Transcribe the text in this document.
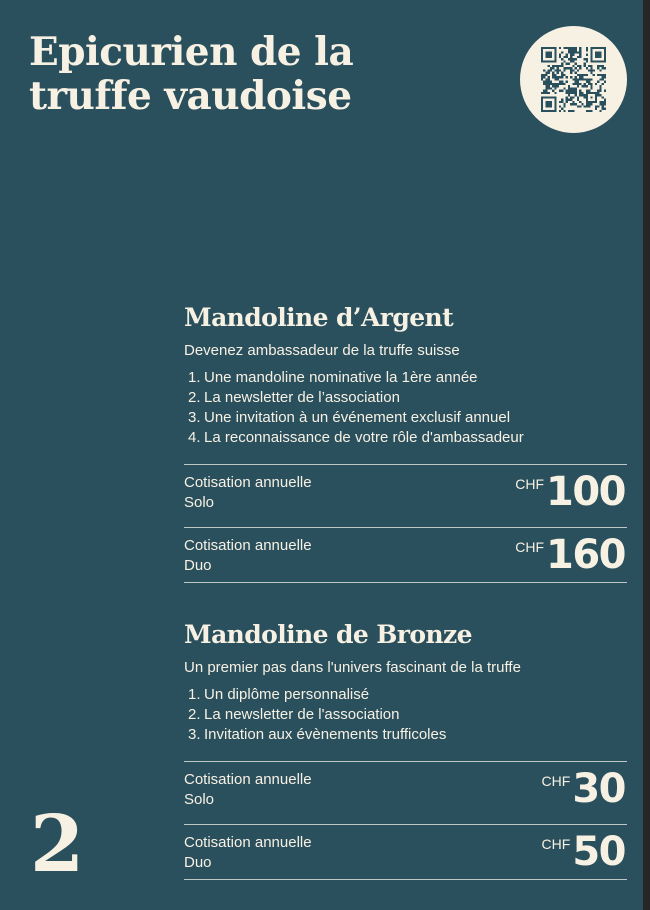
Epicurien de la
truffe vaudoise
Mandoline d’Argent
Devenez ambassadeur de la truffe suisse
1. Une mandoline nominative la 1ère année
2. La newsletter de l’association
3. Une invitation à un événement exclusif annuel
4. La reconnaissance de votre rôle d'ambassadeur
Cotisation annuelle
Solo
CHF 100
Cotisation annuelle
Duo
CHF 160
Mandoline de Bronze
Un premier pas dans l'univers fascinant de la truffe
1. Un diplôme personnalisé
2. La newsletter de l'association
3. Invitation aux évènements trufficoles
Cotisation annuelle
Solo
CHF 30
Cotisation annuelle
Duo
CHF 50
2
